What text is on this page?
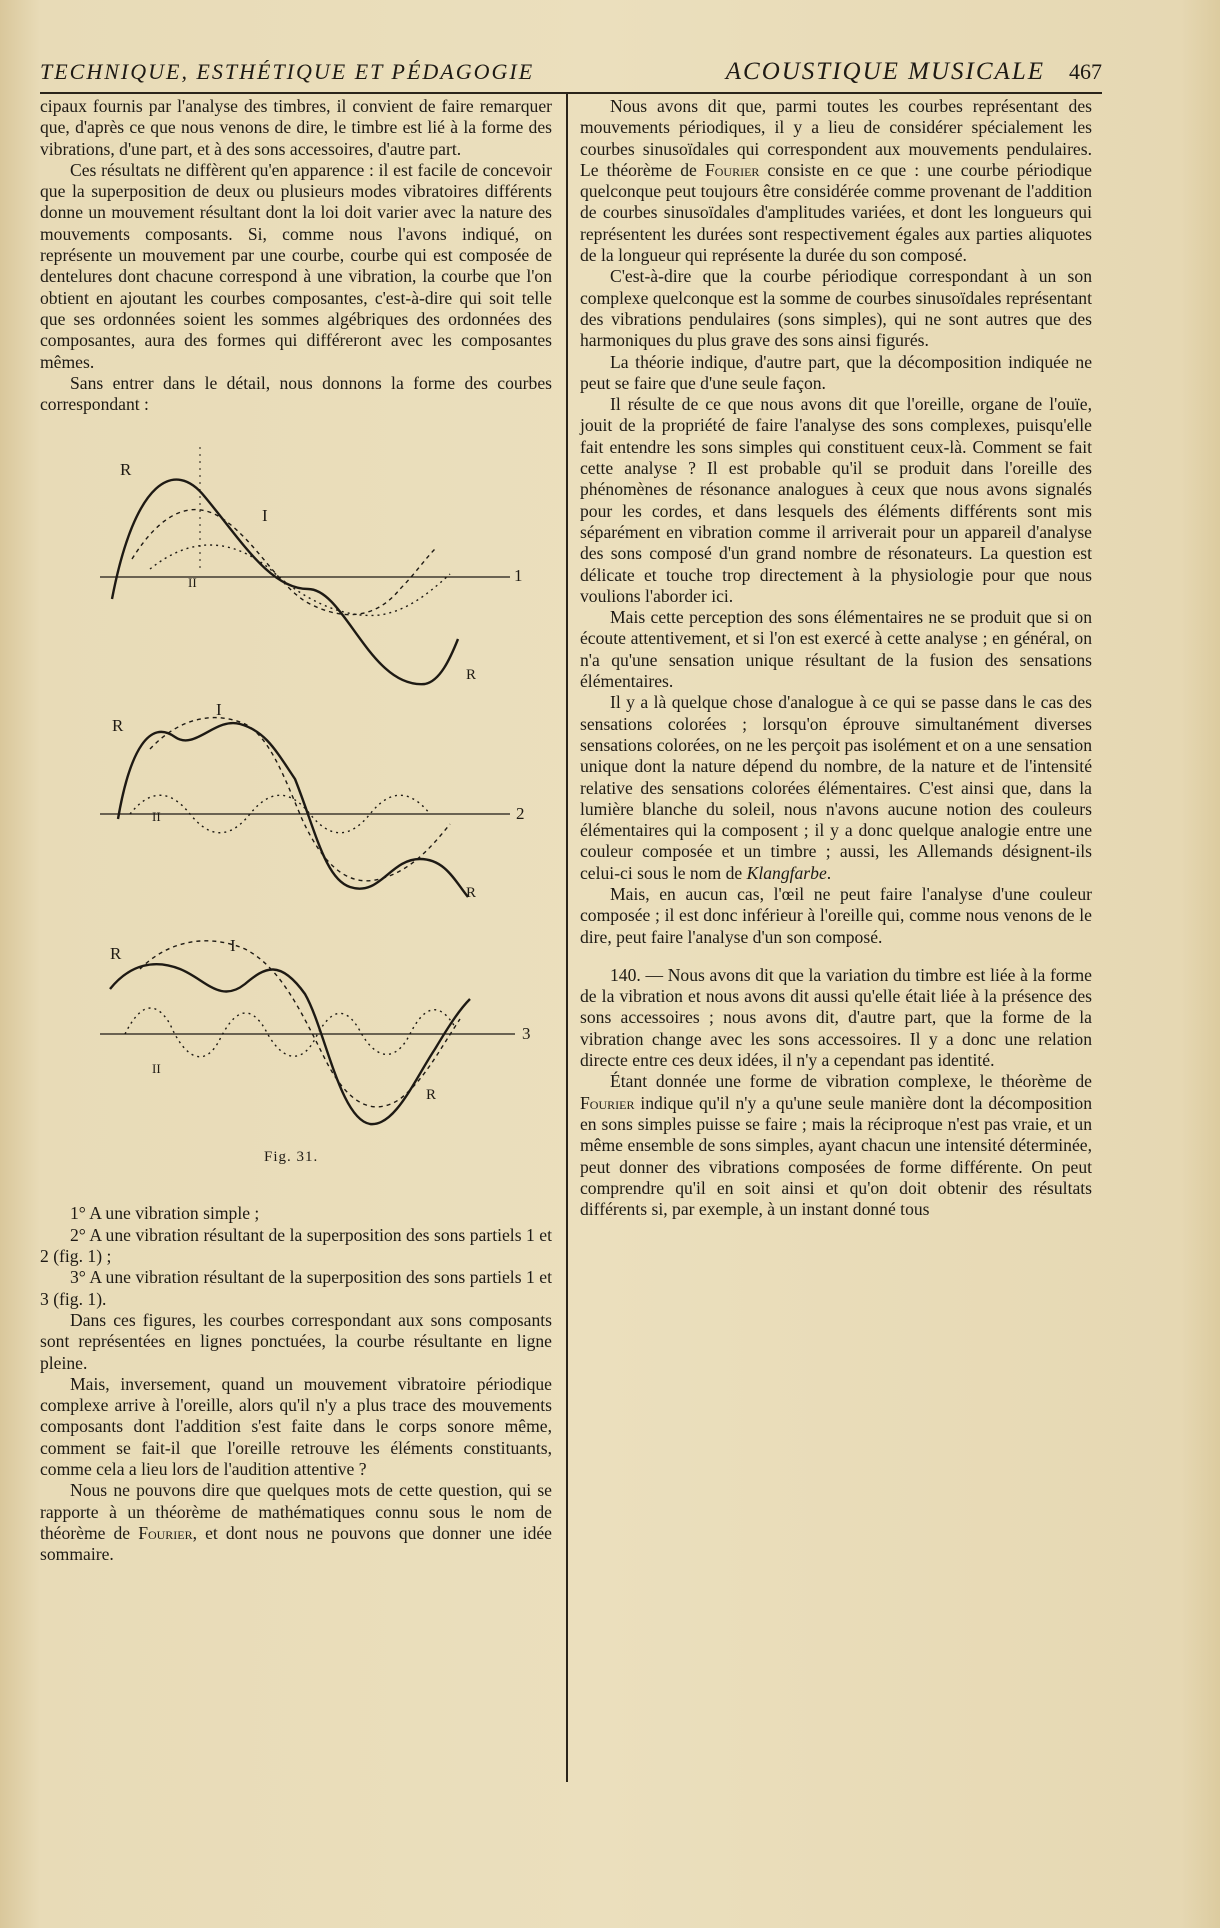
TECHNIQUE, ESTHÉTIQUE ET PÉDAGOGIE	ACOUSTIQUE MUSICALE 467

cipaux fournis par l'analyse des timbres, il convient de faire remarquer que, d'après ce que nous venons de dire, le timbre est lié à la forme des vibrations, d'une part, et à des sons accessoires, d'autre part.

Ces résultats ne diffèrent qu'en apparence : il est facile de concevoir que la superposition de deux ou plusieurs modes vibratoires différents donne un mouvement résultant dont la loi doit varier avec la nature des mouvements composants. Si, comme nous l'avons indiqué, on représente un mouvement par une courbe, courbe qui est composée de dentelures dont chacune correspond à une vibration, la courbe que l'on obtient en ajoutant les courbes composantes, c'est-à-dire qui soit telle que ses ordonnées soient les sommes algébriques des ordonnées des composantes, aura des formes qui différeront avec les composantes mêmes.

Sans entrer dans le détail, nous donnons la forme des courbes correspondant :

R
I
II	1
R
R
I
II	2
R
R	I
II
3
R
Fig. 31.

1° A une vibration simple ;

2° A une vibration résultant de la superposition des sons partiels 1 et 2 (fig. 1) ;

3° A une vibration résultant de la superposition des sons partiels 1 et 3 (fig. 1).

Dans ces figures, les courbes correspondant aux sons composants sont représentées en lignes ponctuées, la courbe résultante en ligne pleine.

Mais, inversement, quand un mouvement vibratoire périodique complexe arrive à l'oreille, alors qu'il n'y a plus trace des mouvements composants dont l'addition s'est faite dans le corps sonore même, comment se fait-il que l'oreille retrouve les éléments constituants, comme cela a lieu lors de l'audition attentive ?

Nous ne pouvons dire que quelques mots de cette question, qui se rapporte à un théorème de mathématiques connu sous le nom de théorème de Fourier, et dont nous ne pouvons que donner une idée sommaire.

Nous avons dit que, parmi toutes les courbes représentant des mouvements périodiques, il y a lieu de considérer spécialement les courbes sinusoïdales qui correspondent aux mouvements pendulaires. Le théorème de Fourier consiste en ce que : une courbe périodique quelconque peut toujours être considérée comme provenant de l'addition de courbes sinusoïdales d'amplitudes variées, et dont les longueurs qui représentent les durées sont respectivement égales aux parties aliquotes de la longueur qui représente la durée du son composé.

C'est-à-dire que la courbe périodique correspondant à un son complexe quelconque est la somme de courbes sinusoïdales représentant des vibrations pendulaires (sons simples), qui ne sont autres que des harmoniques du plus grave des sons ainsi figurés.

La théorie indique, d'autre part, que la décomposition indiquée ne peut se faire que d'une seule façon.

Il résulte de ce que nous avons dit que l'oreille, organe de l'ouïe, jouit de la propriété de faire l'analyse des sons complexes, puisqu'elle fait entendre les sons simples qui constituent ceux-là. Comment se fait cette analyse ? Il est probable qu'il se produit dans l'oreille des phénomènes de résonance analogues à ceux que nous avons signalés pour les cordes, et dans lesquels des éléments différents sont mis séparément en vibration comme il arriverait pour un appareil d'analyse des sons composé d'un grand nombre de résonateurs. La question est délicate et touche trop directement à la physiologie pour que nous voulions l'aborder ici.

Mais cette perception des sons élémentaires ne se produit que si on écoute attentivement, et si l'on est exercé à cette analyse ; en général, on n'a qu'une sensation unique résultant de la fusion des sensations élémentaires.

Il y a là quelque chose d'analogue à ce qui se passe dans le cas des sensations colorées ; lorsqu'on éprouve simultanément diverses sensations colorées, on ne les perçoit pas isolément et on a une sensation unique dont la nature dépend du nombre, de la nature et de l'intensité relative des sensations colorées élémentaires. C'est ainsi que, dans la lumière blanche du soleil, nous n'avons aucune notion des couleurs élémentaires qui la composent ; il y a donc quelque analogie entre une couleur composée et un timbre ; aussi, les Allemands désignent-ils celui-ci sous le nom de Klangfarbe.

Mais, en aucun cas, l'œil ne peut faire l'analyse d'une couleur composée ; il est donc inférieur à l'oreille qui, comme nous venons de le dire, peut faire l'analyse d'un son composé.

140. — Nous avons dit que la variation du timbre est liée à la forme de la vibration et nous avons dit aussi qu'elle était liée à la présence des sons accessoires ; nous avons dit, d'autre part, que la forme de la vibration change avec les sons accessoires. Il y a donc une relation directe entre ces deux idées, il n'y a cependant pas identité.

Étant donnée une forme de vibration complexe, le théorème de Fourier indique qu'il n'y a qu'une seule manière dont la décomposition en sons simples puisse se faire ; mais la réciproque n'est pas vraie, et un même ensemble de sons simples, ayant chacun une intensité déterminée, peut donner des vibrations composées de forme différente. On peut comprendre qu'il en soit ainsi et qu'on doit obtenir des résultats différents si, par exemple, à un instant donné tous
